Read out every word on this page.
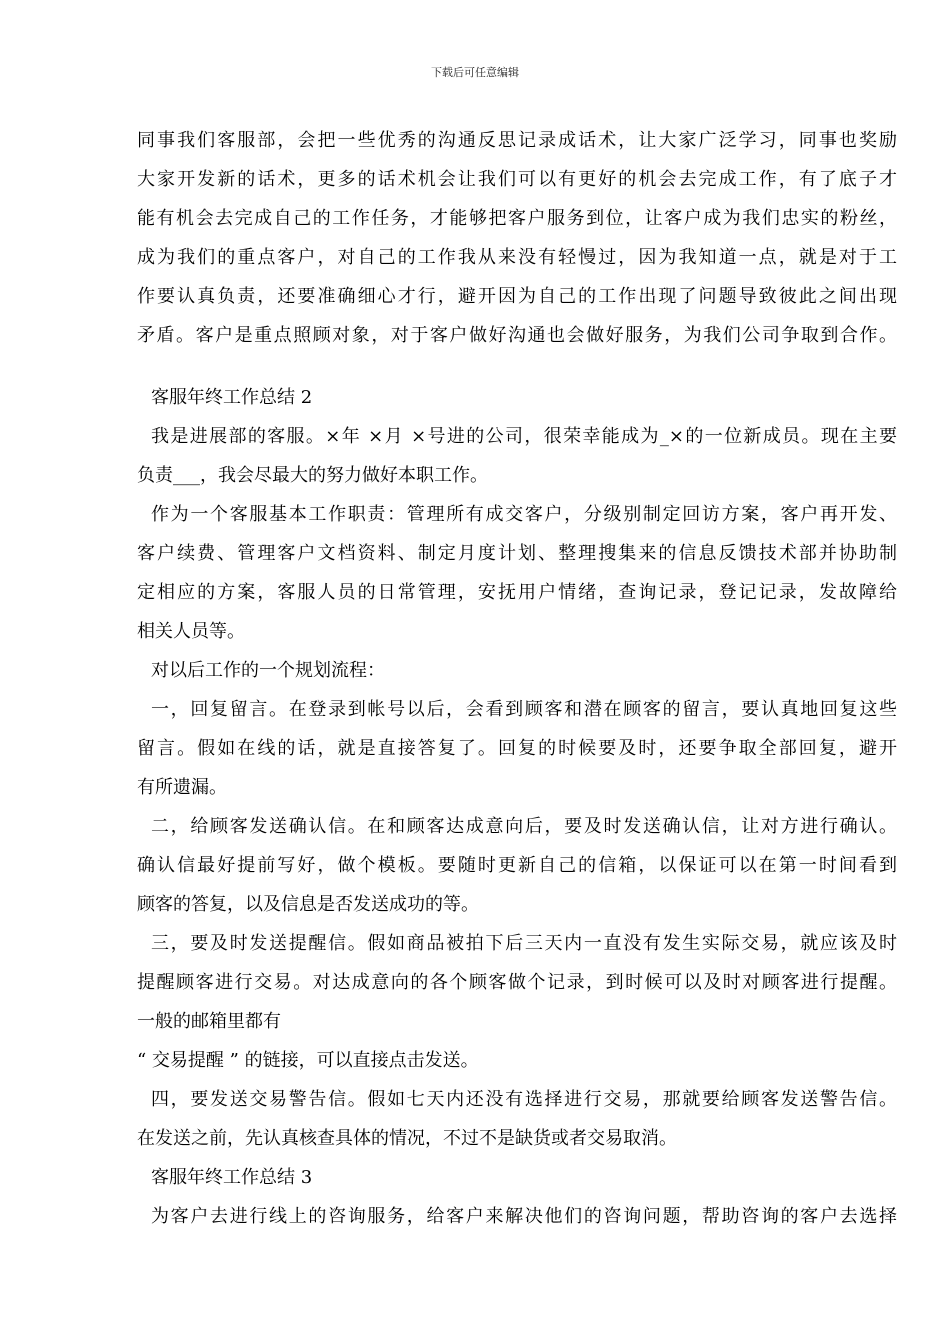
下载后可任意编辑
同事我们客服部，会把一些优秀的沟通反思记录成话术，让大家广泛学习，同事也奖励
大家开发新的话术，更多的话术机会让我们可以有更好的机会去完成工作，有了底子才
能有机会去完成自己的工作任务，才能够把客户服务到位，让客户成为我们忠实的粉丝，
成为我们的重点客户，对自己的工作我从来没有轻慢过，因为我知道一点，就是对于工
作要认真负责，还要准确细心才行，避开因为自己的工作出现了问题导致彼此之间出现
矛盾。客户是重点照顾对象，对于客户做好沟通也会做好服务，为我们公司争取到合作。
客服年终工作总结 2
我是进展部的客服。×年 ×月 ×号进的公司，很荣幸能成为_×的一位新成员。现在主要
负责___，我会尽最大的努力做好本职工作。
作为一个客服基本工作职责：管理所有成交客户，分级别制定回访方案，客户再开发、
客户续费、管理客户文档资料、制定月度计划、整理搜集来的信息反馈技术部并协助制
定相应的方案，客服人员的日常管理，安抚用户情绪，查询记录，登记记录，发故障给
相关人员等。
对以后工作的一个规划流程：
一，回复留言。在登录到帐号以后，会看到顾客和潜在顾客的留言，要认真地回复这些
留言。假如在线的话，就是直接答复了。回复的时候要及时，还要争取全部回复，避开
有所遗漏。
二，给顾客发送确认信。在和顾客达成意向后，要及时发送确认信，让对方进行确认。
确认信最好提前写好，做个模板。要随时更新自己的信箱，以保证可以在第一时间看到
顾客的答复，以及信息是否发送成功的等。
三，要及时发送提醒信。假如商品被拍下后三天内一直没有发生实际交易，就应该及时
提醒顾客进行交易。对达成意向的各个顾客做个记录，到时候可以及时对顾客进行提醒。
一般的邮箱里都有
“ 交易提醒 ” 的链接，可以直接点击发送。
四，要发送交易警告信。假如七天内还没有选择进行交易，那就要给顾客发送警告信。
在发送之前，先认真核查具体的情况，不过不是缺货或者交易取消。
客服年终工作总结 3
为客户去进行线上的咨询服务，给客户来解决他们的咨询问题，帮助咨询的客户去选择
